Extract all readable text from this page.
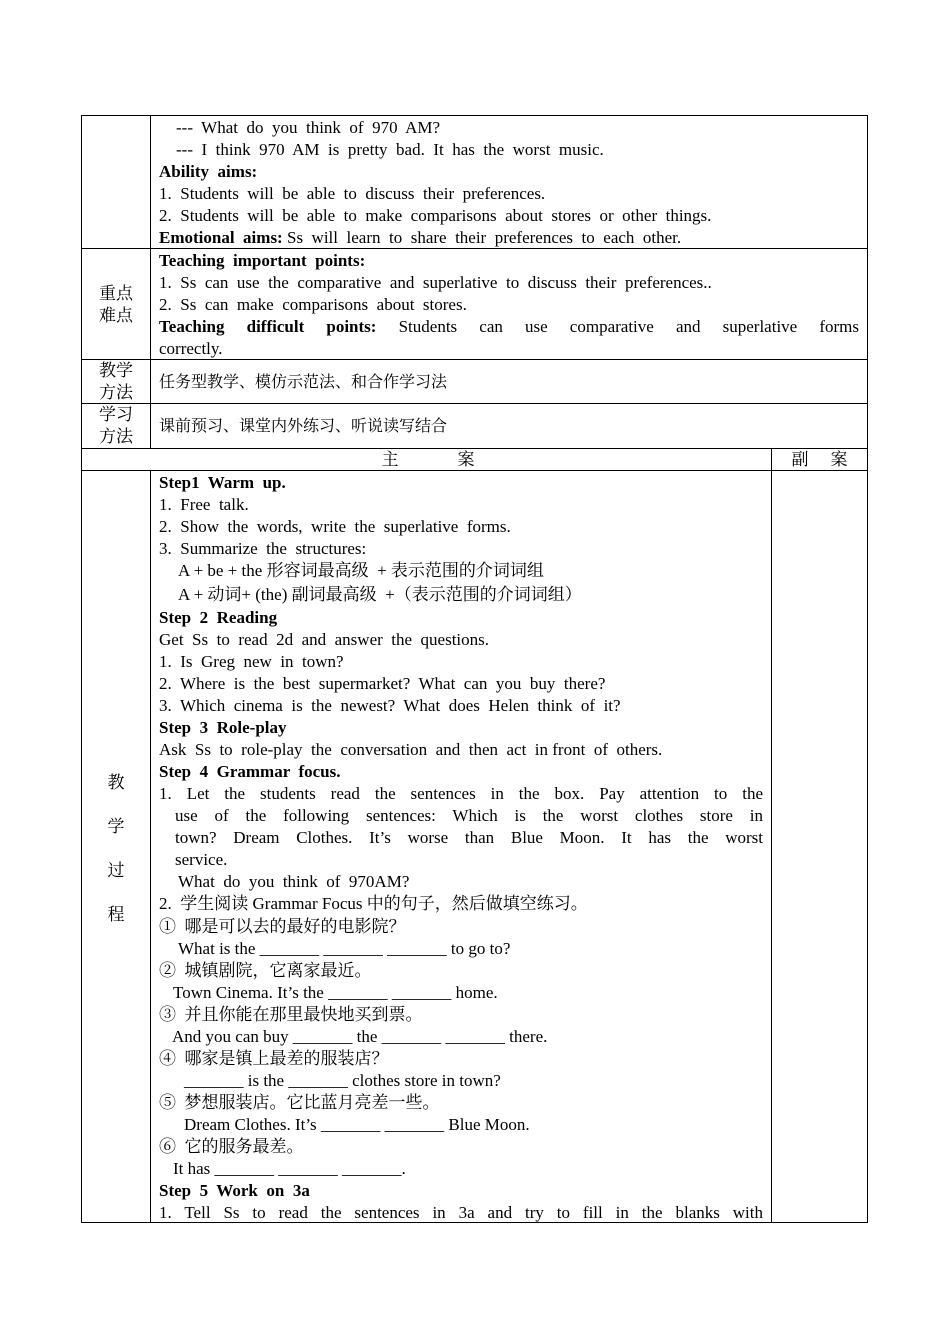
---  What  do  you  think  of  970  AM?
---  I  think  970  AM  is  pretty  bad.  It  has  the  worst  music.
Ability  aims:
1.  Students  will  be  able  to  discuss  their  preferences.
2.  Students  will  be  able  to  make  comparisons  about  stores  or  other  things.
Emotional  aims: Ss  will  learn  to  share  their  preferences  to  each  other.
重点
难点
Teaching  important  points:
1.  Ss  can  use  the  comparative  and  superlative  to  discuss  their  preferences..
2.  Ss  can  make  comparisons  about  stores.
Teaching difficult points: Students can use comparative and superlative forms
correctly.
教学
方法
任务型教学、模仿示范法、和合作学习法
学习
方法
课前预习、课堂内外练习、听说读写结合
主	案	副 案
教
学
过
程
Step1  Warm  up.
1.  Free  talk.
2.  Show  the  words,  write  the  superlative  forms.
3.  Summarize  the  structures:
A + be + the 形容词最高级  + 表示范围的介词词组
A + 动词+ (the) 副词最高级  +（表示范围的介词词组）
Step  2  Reading
Get  Ss  to  read  2d  and  answer  the  questions.
1.  Is  Greg  new  in  town?
2.  Where  is  the  best  supermarket?  What  can  you  buy  there?
3.  Which  cinema  is  the  newest?  What  does  Helen  think  of  it?
Step  3  Role-play
Ask  Ss  to  role-play  the  conversation  and  then  act  in front  of  others.
Step  4  Grammar  focus.
1. Let the students read the sentences in the box. Pay attention to the
use of the following sentences: Which is the worst clothes store in
town? Dream Clothes. It’s worse than Blue Moon. It has the worst
service.
What  do  you  think  of  970AM?
2.  学生阅读 Grammar Focus 中的句子，然后做填空练习。
①  哪是可以去的最好的电影院？
What is the _______ _______ _______ to go to?
②  城镇剧院，它离家最近。
Town Cinema. It’s the _______ _______ home.
③  并且你能在那里最快地买到票。
And you can buy _______ the _______ _______ there.
④  哪家是镇上最差的服装店？
_______ is the _______ clothes store in town?
⑤  梦想服装店。它比蓝月亮差一些。
Dream Clothes. It’s _______ _______ Blue Moon.
⑥  它的服务最差。
It has _______ _______ _______.
Step  5  Work  on  3a
1. Tell Ss to read the sentences in 3a and try to fill in the blanks with
